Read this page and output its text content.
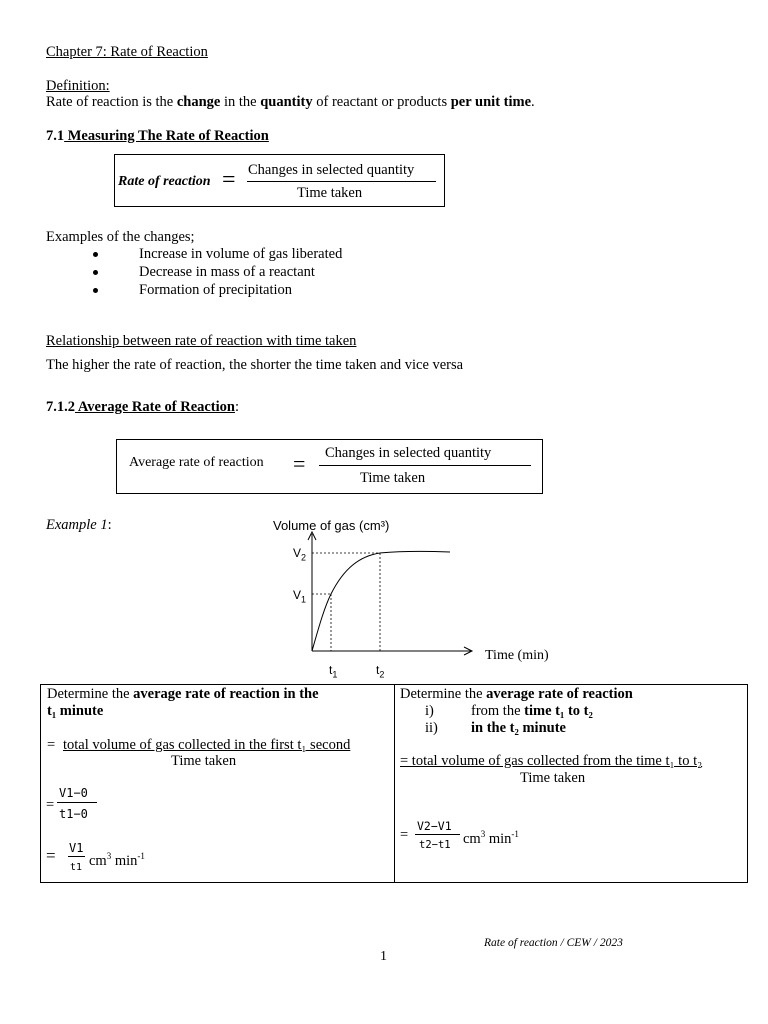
Chapter 7: Rate of Reaction
Definition:
Rate of reaction is the change in the quantity of reactant or products per unit time.
7.1 Measuring The Rate of Reaction
Rate of reaction = Changes in selected quantity
Time taken
Examples of the changes;
Increase in volume of gas liberated
Decrease in mass of a reactant
Formation of precipitation
Relationship between rate of reaction with time taken
The higher the rate of reaction, the shorter the time taken and vice versa
7.1.2 Average Rate of Reaction:
Average rate of reaction = Changes in selected quantity
Time taken
Example 1:	Volume of gas (cm³)
$V_2$
$V_1$
$t_1$	$t_2$
Time (min)
Determine the average rate of reaction in the
t₁ minute
= total volume of gas collected in the first t₁ second
Time taken
=
V1−0
t1−0
= V1
t1 $cm^3$ $\min^{-1}$
Determine the average rate of reaction
i)	from the time t₁ to t₂
ii) in the t₂ minute
= total volume of gas collected from the time t₁ to t₂
Time taken
=
V2−V1
t2−t1 $cm^3$ $\min^{-1}$
Rate of reaction / CEW / 2023
1
